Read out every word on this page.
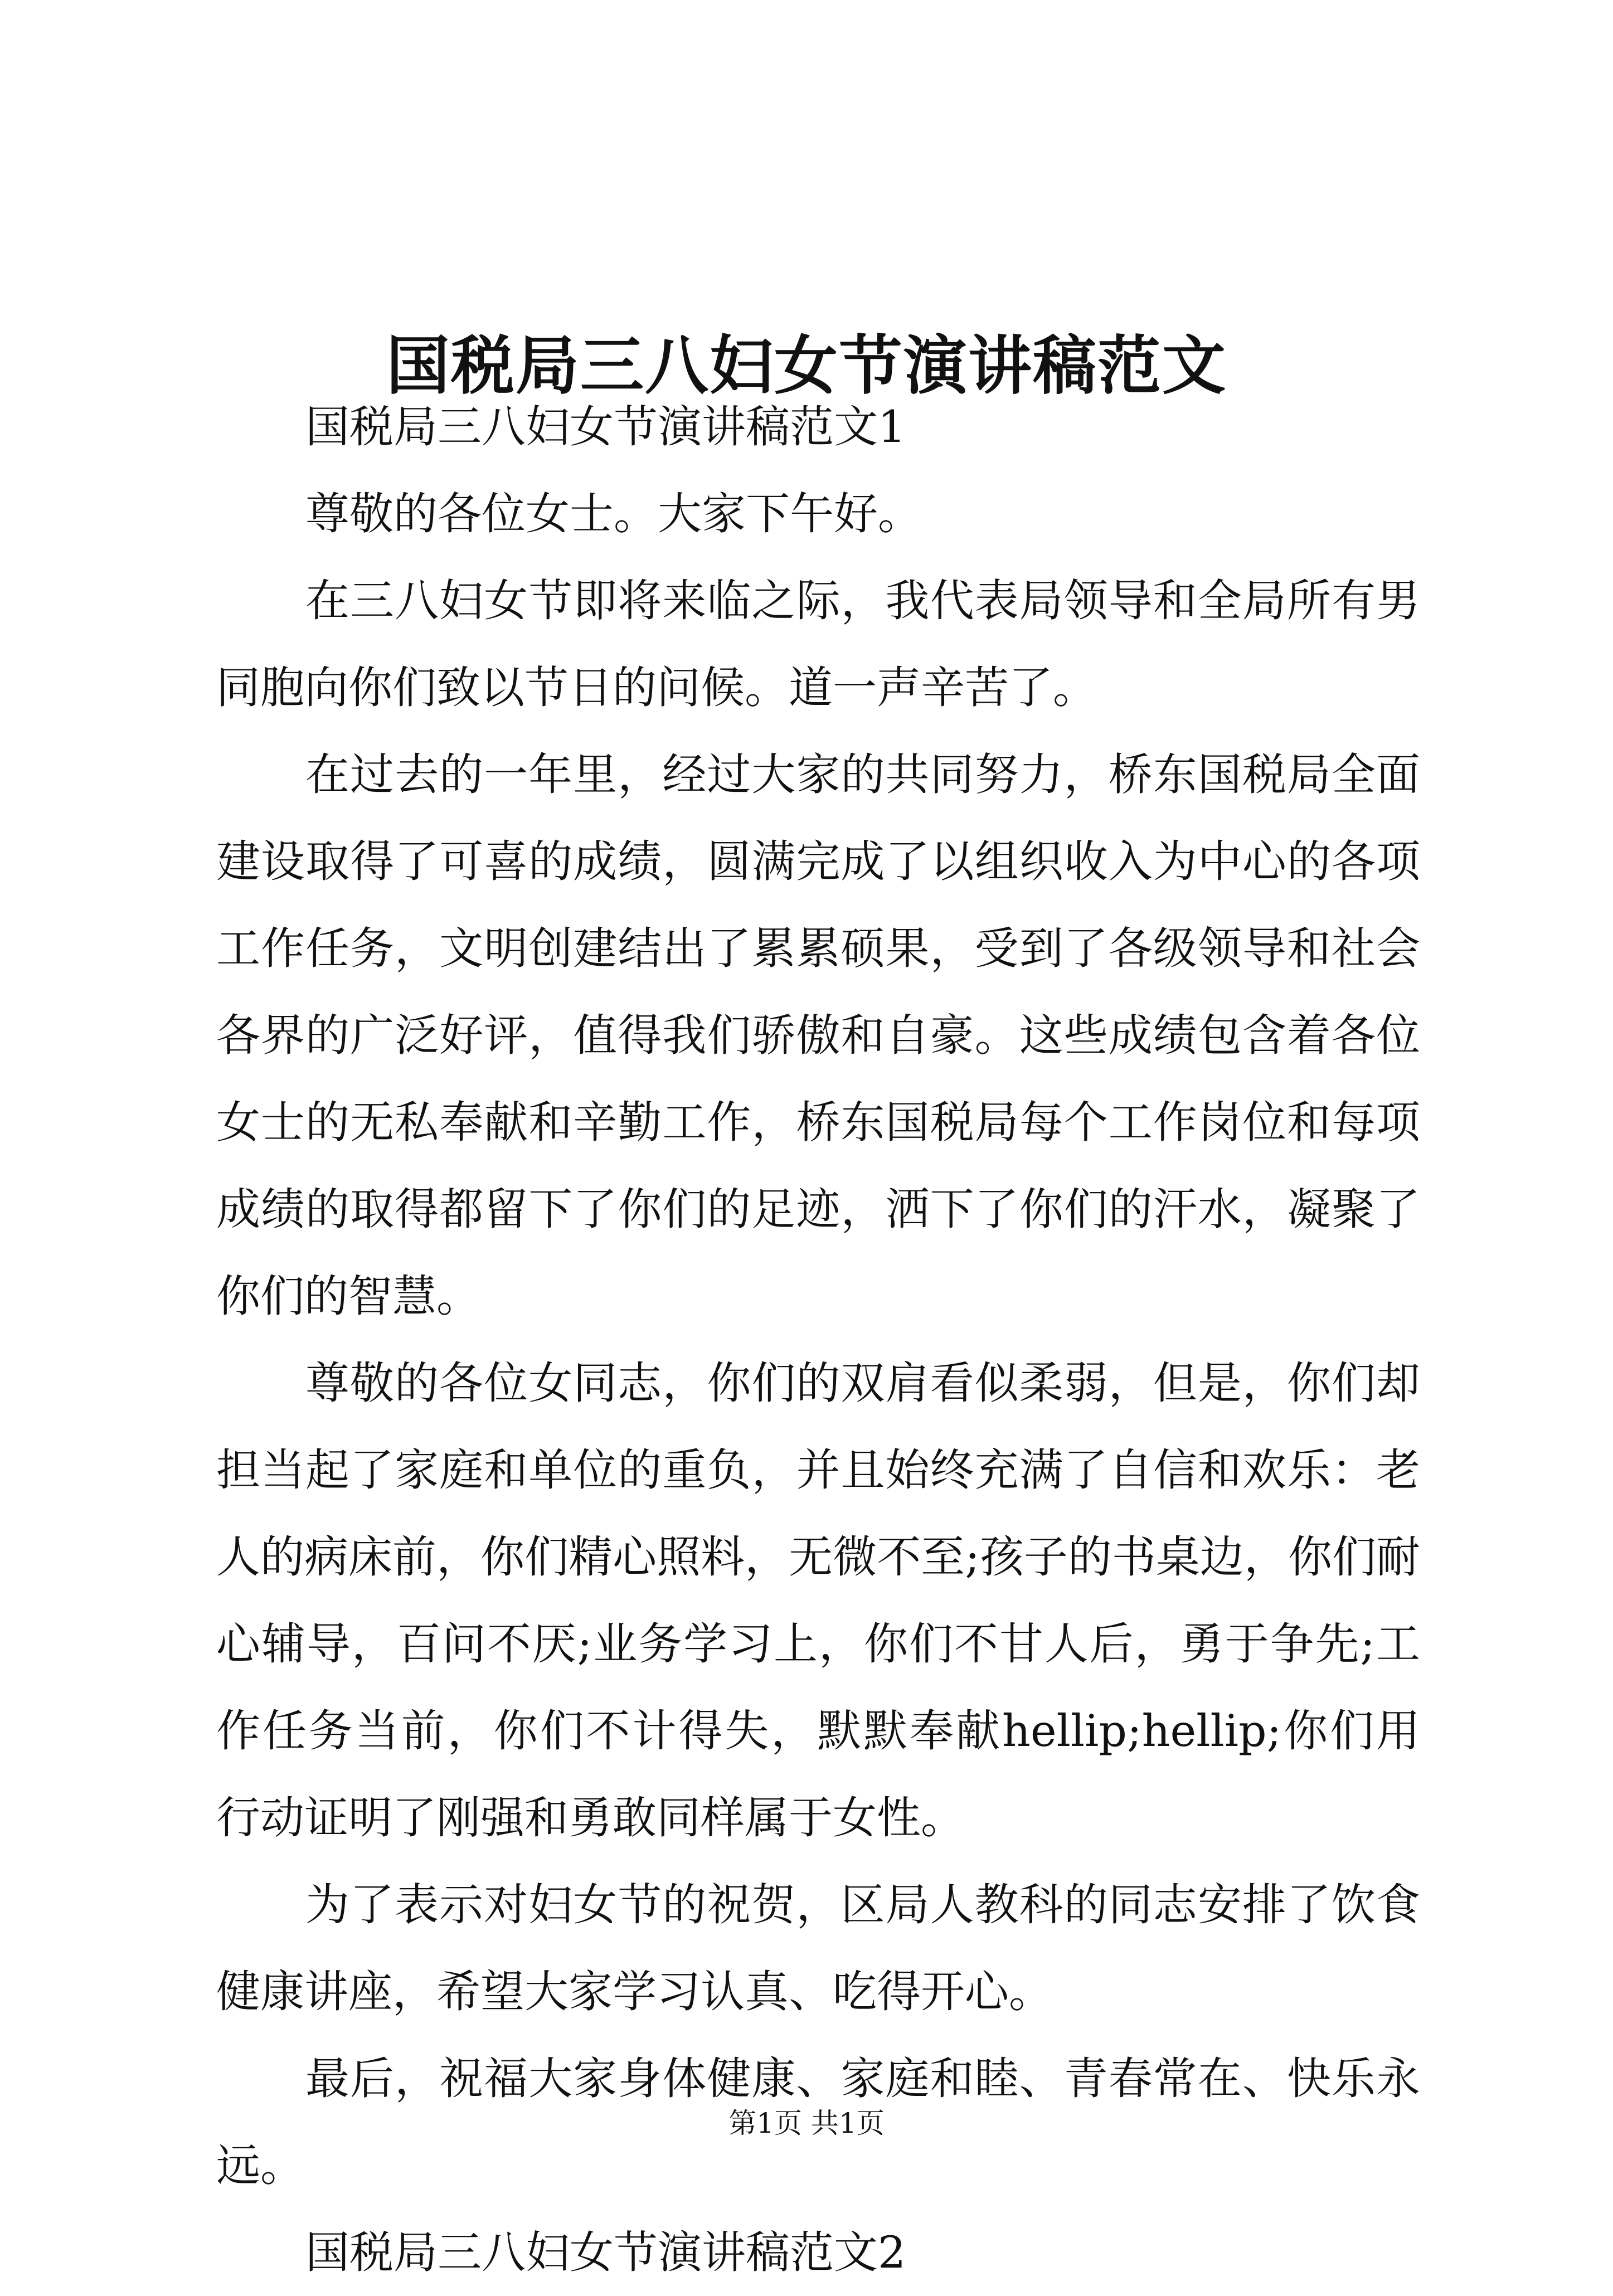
国税局三八妇女节演讲稿范文

国税局三八妇女节演讲稿范文1

尊敬的各位女士。大家下午好。

在三八妇女节即将来临之际，我代表局领导和全局所有男同胞向你们致以节日的问候。道一声辛苦了。

在过去的一年里，经过大家的共同努力，桥东国税局全面建设取得了可喜的成绩，圆满完成了以组织收入为中心的各项工作任务，文明创建结出了累累硕果，受到了各级领导和社会各界的广泛好评，值得我们骄傲和自豪。这些成绩包含着各位女士的无私奉献和辛勤工作，桥东国税局每个工作岗位和每项成绩的取得都留下了你们的足迹，洒下了你们的汗水，凝聚了你们的智慧。

尊敬的各位女同志，你们的双肩看似柔弱，但是，你们却担当起了家庭和单位的重负，并且始终充满了自信和欢乐：老人的病床前，你们精心照料，无微不至;孩子的书桌边，你们耐心辅导，百问不厌;业务学习上，你们不甘人后，勇于争先;工作任务当前，你们不计得失，默默奉献hellip;hellip;你们用行动证明了刚强和勇敢同样属于女性。

为了表示对妇女节的祝贺，区局人教科的同志安排了饮食健康讲座，希望大家学习认真、吃得开心。

最后，祝福大家身体健康、家庭和睦、青春常在、快乐永远。

国税局三八妇女节演讲稿范文2

第1页 共1页
